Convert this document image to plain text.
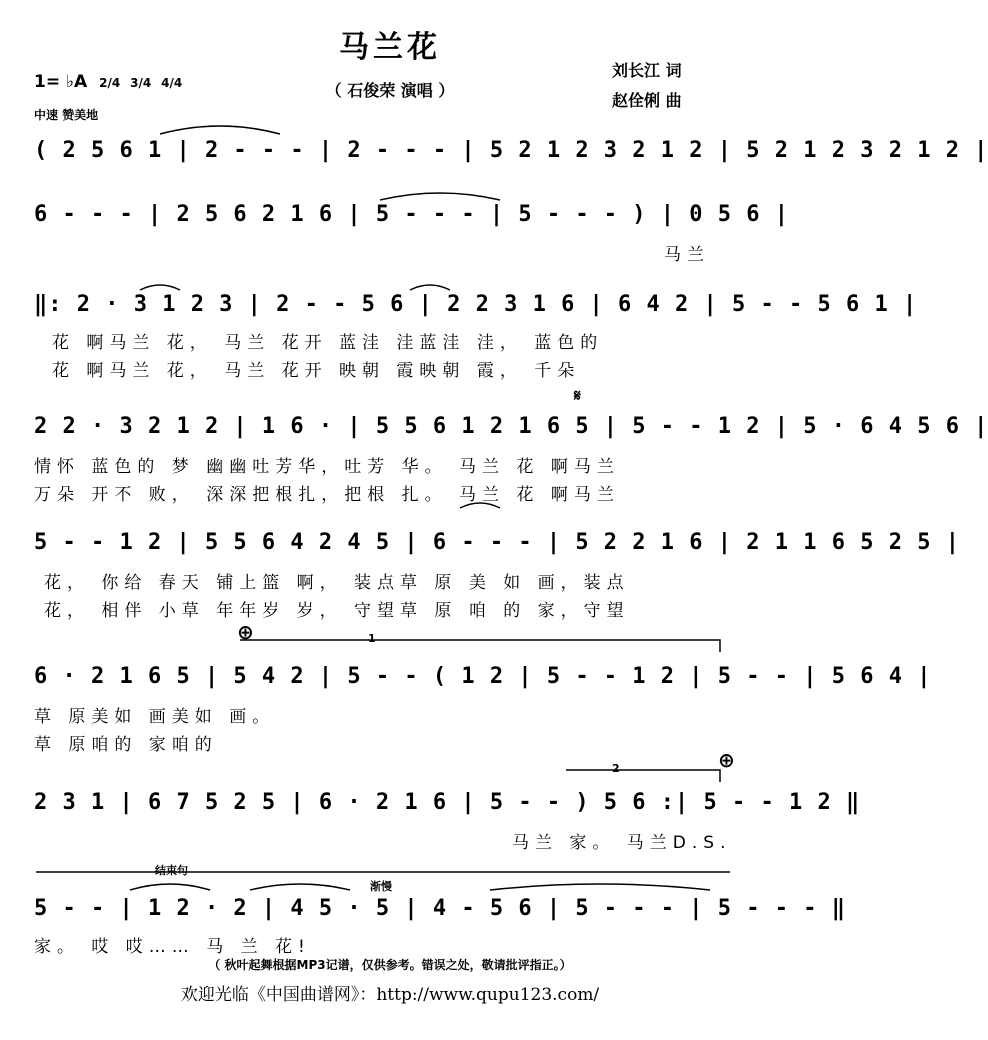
马兰花
（ 石俊荣 演唱 ）
刘长江 词
赵佺俐 曲
1= ♭A 2/4 3/4 4/4
中速 赞美地
⊕
⊕
𝄋
1
2
结束句
渐慢
( 2 5 6 1 | 2 - - - | 2 - - - | 5 2 1 2 3 2 1 2 | 5 2 1 2 3 2 1 2 |
6 - - - | 2 5 6 2 1 6 | 5 - - - | 5 - - - ) | 0 5 6 |
马兰
‖: 2 · 3 1 2 3 | 2 - - 5 6 | 2 2 3 1 6 | 6 4 2 | 5 - - 5 6 1 |
花 啊马兰 花， 马兰 花开 蓝洼 洼蓝洼 洼， 蓝色的
花 啊马兰 花， 马兰 花开 映朝 霞映朝 霞， 千朵
2 2 · 3 2 1 2 | 1 6 · | 5 5 6 1 2 1 6 5 | 5 - - 1 2 | 5 · 6 4 5 6 |
情怀 蓝色的 梦 幽幽吐芳华，吐芳 华。 马兰 花 啊马兰
万朵 开不 败， 深深把根扎，把根 扎。 马兰 花 啊马兰
5 - - 1 2 | 5 5 6 4 2 4 5 | 6 - - - | 5 2 2 1 6 | 2 1 1 6 5 2 5 |
花， 你给 春天 铺上篮 啊， 装点草 原 美 如 画，装点
花， 相伴 小草 年年岁 岁， 守望草 原 咱 的 家，守望
6 · 2 1 6 5 | 5 4 2 | 5 - - ( 1 2 | 5 - - 1 2 | 5 - - | 5 6 4 |
草 原美如 画美如 画。
草 原咱的 家咱的
2 3 1 | 6 7 5 2 5 | 6 · 2 1 6 | 5 - - ) 5 6 :| 5 - - 1 2 ‖
马兰 家。 马兰D.S.
5 - - | 1 2 · 2 | 4 5 · 5 | 4 - 5 6 | 5 - - - | 5 - - - ‖
家。 哎 哎…… 马 兰 花!
（ 秋叶起舞根据MP3记谱，仅供参考。错误之处，敬请批评指正。）
欢迎光临《中国曲谱网》：http://www.qupu123.com/
